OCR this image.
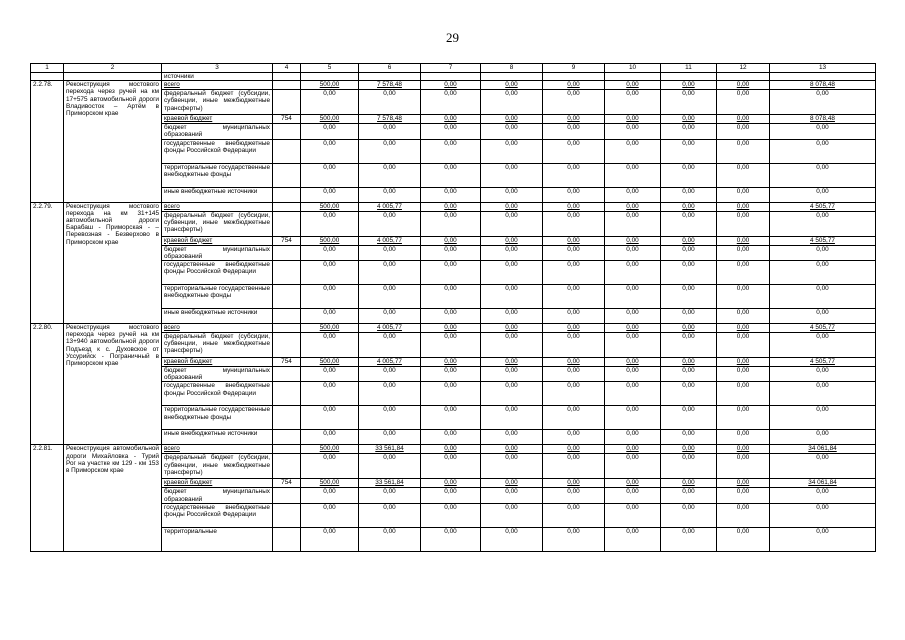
29
1	2	3	4	5	6	7	8	9	10	11	12	13
		источники										
2.2.78.	Реконструкция мостового перехода через ручей на км 17+575 автомобильной дороги Владивосток – Артём в Приморском крае	всего		500,00	7 578,48	0,00	0,00	0,00	0,00	0,00	0,00	8 078,48
		федеральный бюджет (субсидии, субвенции, иные межбюджетные трансферты)		0,00	0,00	0,00	0,00	0,00	0,00	0,00	0,00	0,00
		краевой бюджет	754	500,00	7 578,48	0,00	0,00	0,00	0,00	0,00	0,00	8 078,48
		бюджет муниципальных образований		0,00	0,00	0,00	0,00	0,00	0,00	0,00	0,00	0,00
		государственные внебюджетные фонды Российской Федерации		0,00	0,00	0,00	0,00	0,00	0,00	0,00	0,00	0,00
		территориальные государственные внебюджетные фонды		0,00	0,00	0,00	0,00	0,00	0,00	0,00	0,00	0,00
		иные внебюджетные источники		0,00	0,00	0,00	0,00	0,00	0,00	0,00	0,00	0,00
2.2.79.	Реконструкция мостового перехода на км 31+145 автомобильной дороги Барабаш - Приморская - – Перевозная - Безверхово в Приморском крае	всего		500,00	4 005,77	0,00	0,00	0,00	0,00	0,00	0,00	4 505,77
		федеральный бюджет (субсидии, субвенции, иные межбюджетные трансферты)		0,00	0,00	0,00	0,00	0,00	0,00	0,00	0,00	0,00
		краевой бюджет	754	500,00	4 005,77	0,00	0,00	0,00	0,00	0,00	0,00	4 505,77
		бюджет муниципальных образований		0,00	0,00	0,00	0,00	0,00	0,00	0,00	0,00	0,00
		государственные внебюджетные фонды Российской Федерации		0,00	0,00	0,00	0,00	0,00	0,00	0,00	0,00	0,00
		территориальные государственные внебюджетные фонды		0,00	0,00	0,00	0,00	0,00	0,00	0,00	0,00	0,00
		иные внебюджетные источники		0,00	0,00	0,00	0,00	0,00	0,00	0,00	0,00	0,00
2.2.80.	Реконструкция мостового перехода через ручей на км 13+940 автомобильной дороги Подъезд к с. Духовское от Уссурийск - Пограничный в Приморском крае	всего		500,00	4 005,77	0,00	0,00	0,00	0,00	0,00	0,00	4 505,77
		федеральный бюджет (субсидии, субвенции, иные межбюджетные трансферты)		0,00	0,00	0,00	0,00	0,00	0,00	0,00	0,00	0,00
		краевой бюджет	754	500,00	4 005,77	0,00	0,00	0,00	0,00	0,00	0,00	4 505,77
		бюджет муниципальных образований		0,00	0,00	0,00	0,00	0,00	0,00	0,00	0,00	0,00
		государственные внебюджетные фонды Российской Федерации		0,00	0,00	0,00	0,00	0,00	0,00	0,00	0,00	0,00
		территориальные государственные внебюджетные фонды		0,00	0,00	0,00	0,00	0,00	0,00	0,00	0,00	0,00
		иные внебюджетные источники		0,00	0,00	0,00	0,00	0,00	0,00	0,00	0,00	0,00
2.2.81.	Реконструкция автомобильной дороги Михайловка - Турий Рог на участке км 129 - км 153 в Приморском крае	всего		500,00	33 561,84	0,00	0,00	0,00	0,00	0,00	0,00	34 061,84
		федеральный бюджет (субсидии, субвенции, иные межбюджетные трансферты)		0,00	0,00	0,00	0,00	0,00	0,00	0,00	0,00	0,00
		краевой бюджет	754	500,00	33 561,84	0,00	0,00	0,00	0,00	0,00	0,00	34 061,84
		бюджет муниципальных образований		0,00	0,00	0,00	0,00	0,00	0,00	0,00	0,00	0,00
		государственные внебюджетные фонды Российской Федерации		0,00	0,00	0,00	0,00	0,00	0,00	0,00	0,00	0,00
		территориальные		0,00	0,00	0,00	0,00	0,00	0,00	0,00	0,00	0,00
